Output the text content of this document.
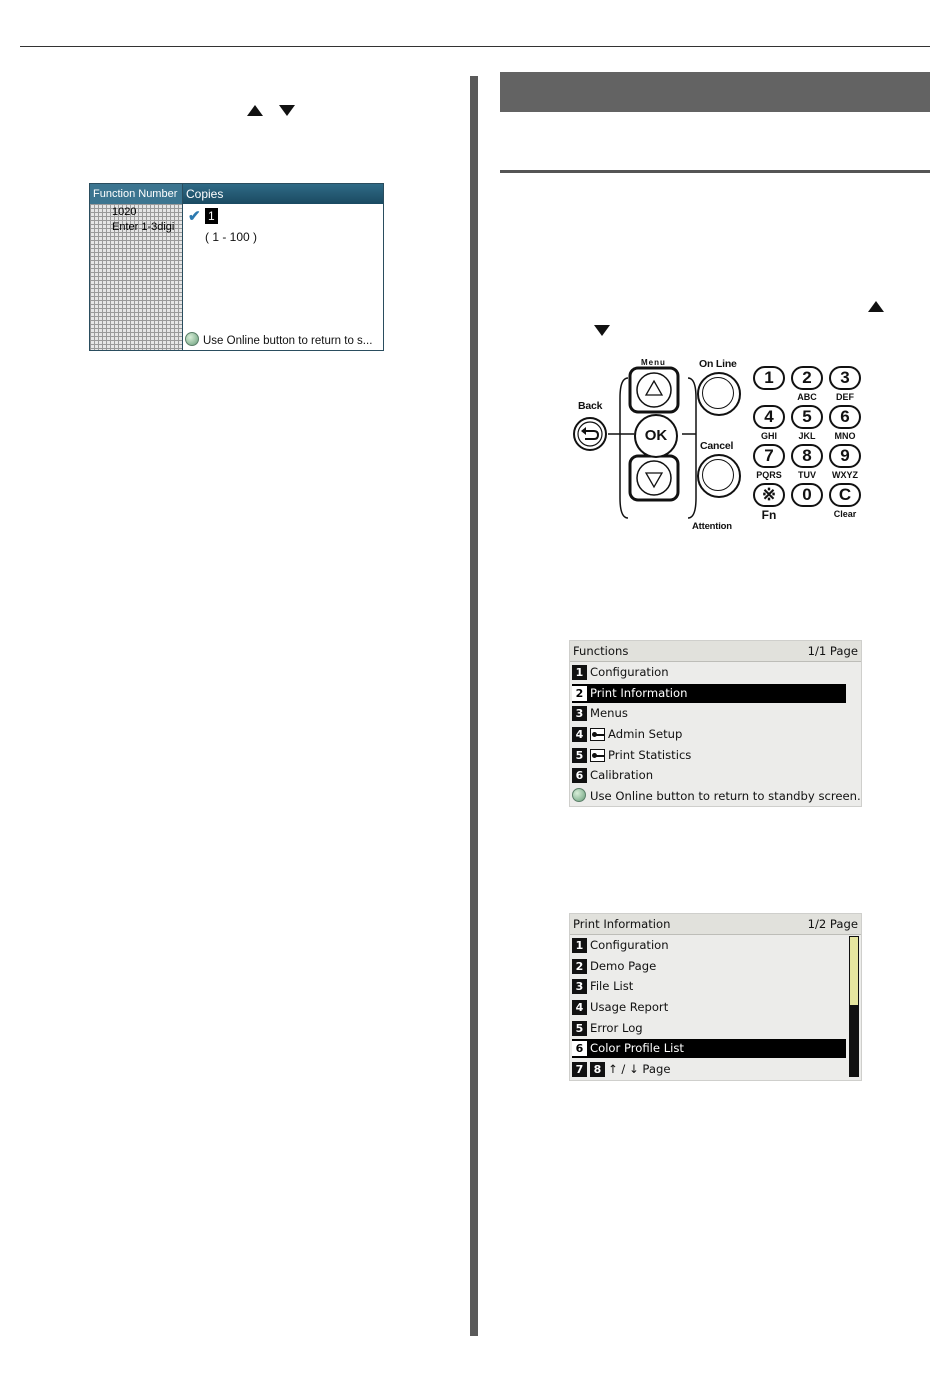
Function Number
1020
Enter 1-3digi
Copies
✔ 1
( 1 - 100 )
Use Online button to return to s...
Menu
OK
Back
On Line
Cancel
Attention
1	2
ABC
3
DEF
4
GHI
5
JKL
6
MNO
7
PQRS
8
TUV
9
WXYZ
※
Fn
0	C
Clear
Functions	1/1 Page
1 Configuration
2 Print Information
3 Menus
4 Admin Setup
5 Print Statistics
6 Calibration
Use Online button to return to standby screen.
Print Information	1/2 Page
1 Configuration
2 Demo Page
3 File List
4 Usage Report
5 Error Log
6 Color Profile List
7 8 ↑ / ↓ Page
